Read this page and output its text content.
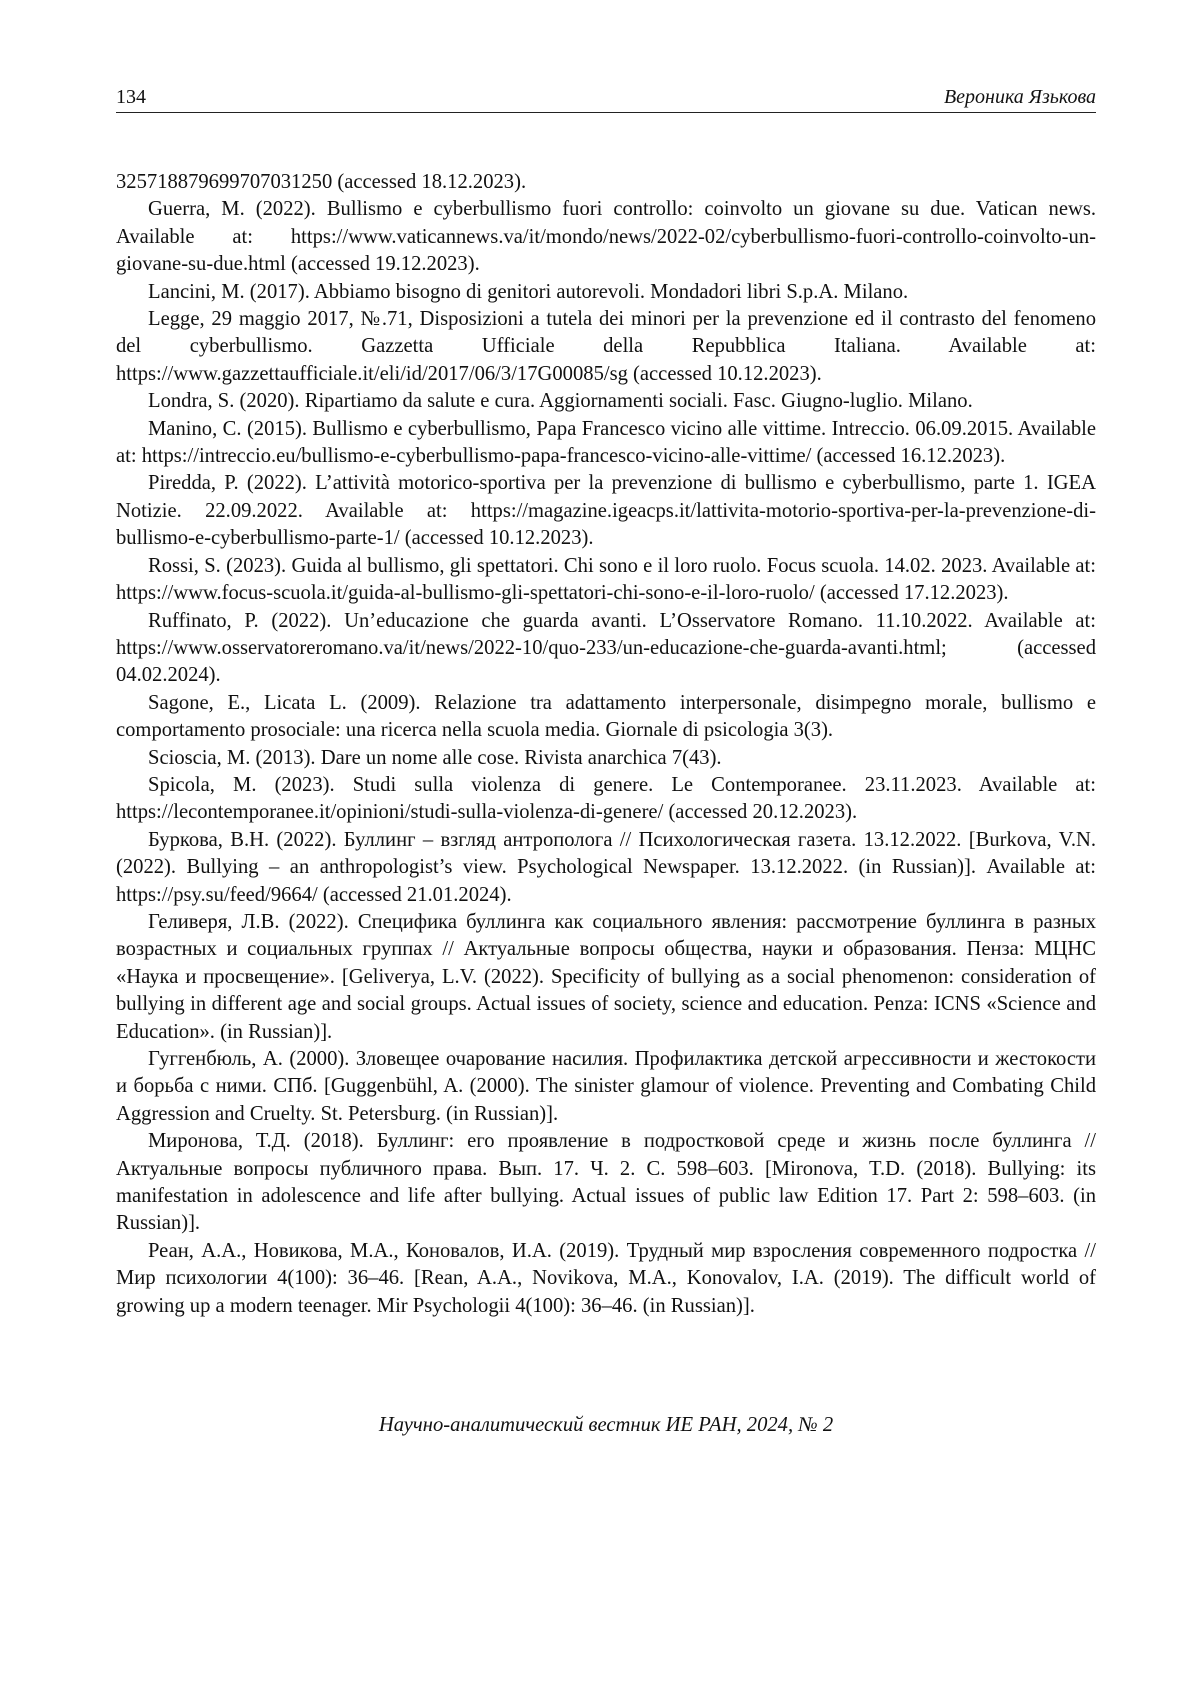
134	Вероника Язькова

325718879699707031250 (accessed 18.12.2023).

Guerra, M. (2022). Bullismo e cyberbullismo fuori controllo: coinvolto un giovane su due. Vatican news. Available at: https://www.vaticannews.va/it/mondo/news/2022-02/cyberbullismo-fuori-controllo-coinvolto-un-giovane-su-due.html (accessed 19.12.2023).

Lancini, M. (2017). Abbiamo bisogno di genitori autorevoli. Mondadori libri S.p.A. Milano.

Legge, 29 maggio 2017, №.71, Disposizioni a tutela dei minori per la prevenzione ed il contrasto del fenomeno del cyberbullismo. Gazzetta Ufficiale della Repubblica Italiana. Available at: https://www.gazzettaufficiale.it/eli/id/2017/06/3/17G00085/sg (accessed 10.12.2023).

Londra, S. (2020). Ripartiamo da salute e cura. Aggiornamenti sociali. Fasc. Giugno-luglio. Milano.

Manino, C. (2015). Bullismo e cyberbullismo, Papa Francesco vicino alle vittime. Intreccio. 06.09.2015. Available at: https://intreccio.eu/bullismo-e-cyberbullismo-papa-francesco-vicino-alle-vittime/ (accessed 16.12.2023).

Piredda, P. (2022). L’attività motorico-sportiva per la prevenzione di bullismo e cyberbullismo, parte 1. IGEA Notizie. 22.09.2022. Available at: https://magazine.igeacps.it/lattivita-motorio-sportiva-per-la-prevenzione-di-bullismo-e-cyberbullismo-parte-1/ (accessed 10.12.2023).

Rossi, S. (2023). Guida al bullismo, gli spettatori. Chi sono e il loro ruolo. Focus scuola. 14.02. 2023. Available at: https://www.focus-scuola.it/guida-al-bullismo-gli-spettatori-chi-sono-e-il-loro-ruolo/ (accessed 17.12.2023).

Ruffinato, P. (2022). Un’educazione che guarda avanti. L’Osservatore Romano. 11.10.2022. Available at: https://www.osservatoreromano.va/it/news/2022-10/quo-233/un-educazione-che-guarda-avanti.html; (accessed 04.02.2024).

Sagone, E., Licata L. (2009). Relazione tra adattamento interpersonale, disimpegno morale, bullismo e comportamento prosociale: una ricerca nella scuola media. Giornale di psicologia 3(3).

Scioscia, M. (2013). Dare un nome alle cose. Rivista anarchica 7(43).

Spicola, M. (2023). Studi sulla violenza di genere. Le Contemporanee. 23.11.2023. Available at: https://lecontemporanee.it/opinioni/studi-sulla-violenza-di-genere/ (accessed 20.12.2023).

Буркова, В.Н. (2022). Буллинг – взгляд антрополога // Психологическая газета. 13.12.2022. [Burkova, V.N. (2022). Bullying – an anthropologist’s view. Psychological Newspaper. 13.12.2022. (in Russian)]. Available at: https://psy.su/feed/9664/ (accessed 21.01.2024).

Геливеря, Л.В. (2022). Специфика буллинга как социального явления: рассмотрение буллинга в разных возрастных и социальных группах // Актуальные вопросы общества, науки и образования. Пенза: МЦНС «Наука и просвещение». [Geliverya, L.V. (2022). Specificity of bullying as a social phenomenon: consideration of bullying in different age and social groups. Actual issues of society, science and education. Penza: ICNS «Science and Education». (in Russian)].

Гуггенбюль, А. (2000). Зловещее очарование насилия. Профилактика детской агрессивности и жестокости и борьба с ними. СПб. [Guggenbühl, A. (2000). The sinister glamour of violence. Preventing and Combating Child Aggression and Cruelty. St. Petersburg. (in Russian)].

Миронова, Т.Д. (2018). Буллинг: его проявление в подростковой среде и жизнь после буллинга // Актуальные вопросы публичного права. Вып. 17. Ч. 2. С. 598–603. [Mironova, T.D. (2018). Bullying: its manifestation in adolescence and life after bullying. Actual issues of public law Edition 17. Part 2: 598–603. (in Russian)].

Реан, А.А., Новикова, М.А., Коновалов, И.А. (2019). Трудный мир взросления современного подростка // Мир психологии 4(100): 36–46. [Rean, A.A., Novikova, M.A., Konovalov, I.A. (2019). The difficult world of growing up a modern teenager. Mir Psychologii 4(100): 36–46. (in Russian)].

Научно-аналитический вестник ИЕ РАН, 2024, № 2
